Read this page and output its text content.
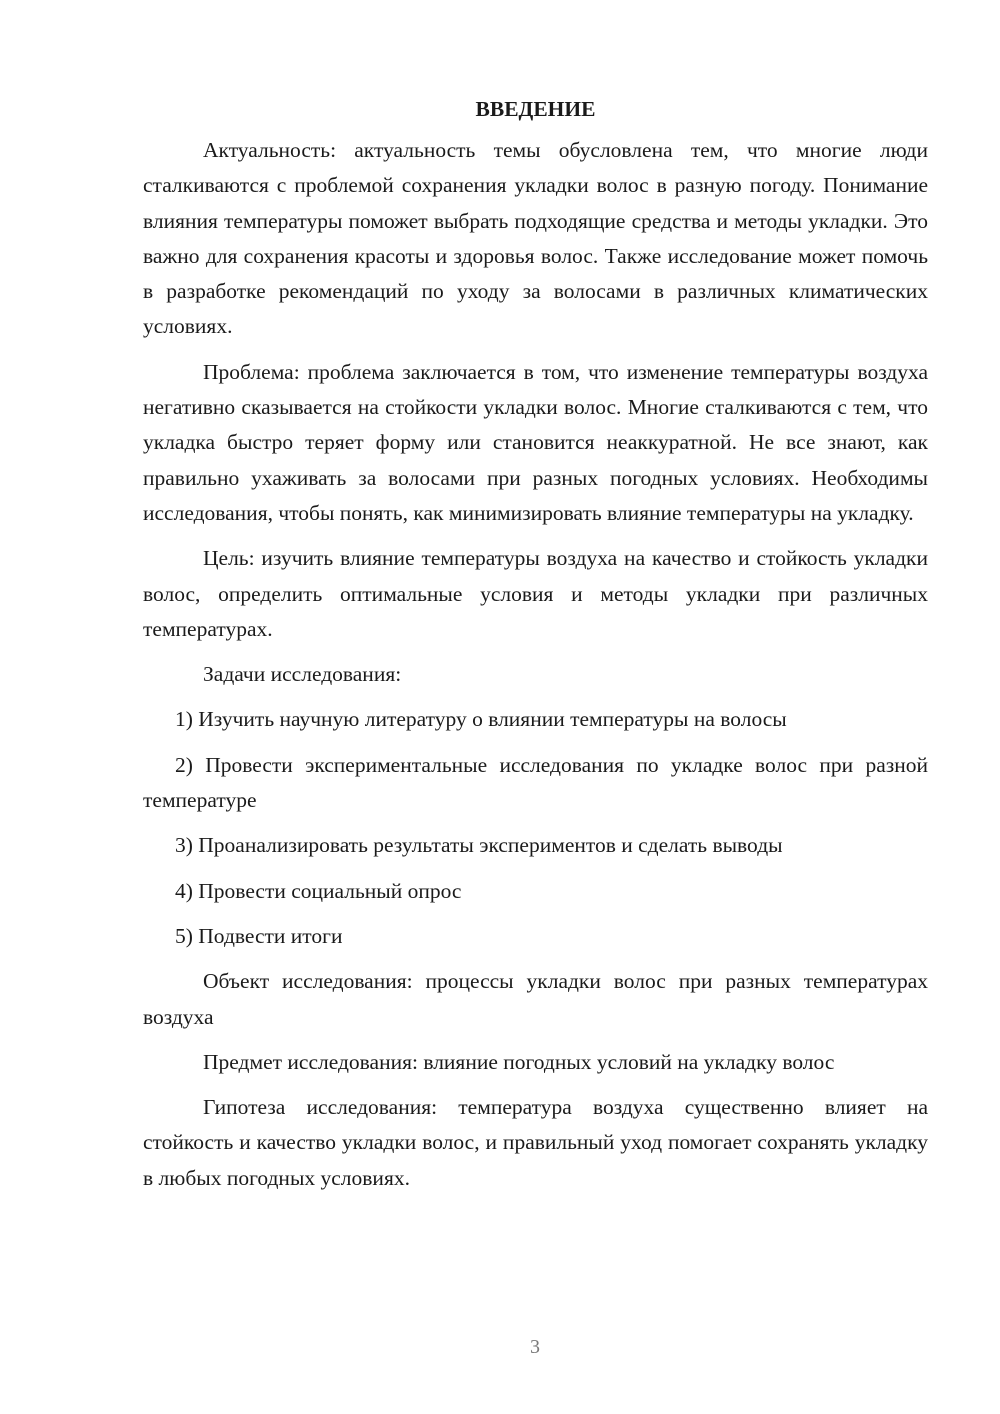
ВВЕДЕНИЕ

Актуальность: актуальность темы обусловлена тем, что многие люди сталкиваются с проблемой сохранения укладки волос в разную погоду. Понимание влияния температуры поможет выбрать подходящие средства и методы укладки. Это важно для сохранения красоты и здоровья волос. Также исследование может помочь в разработке рекомендаций по уходу за волосами в различных климатических условиях.

Проблема: проблема заключается в том, что изменение температуры воздуха негативно сказывается на стойкости укладки волос. Многие сталкиваются с тем, что укладка быстро теряет форму или становится неаккуратной. Не все знают, как правильно ухаживать за волосами при разных погодных условиях. Необходимы исследования, чтобы понять, как минимизировать влияние температуры на укладку.

Цель: изучить влияние температуры воздуха на качество и стойкость укладки волос, определить оптимальные условия и методы укладки при различных температурах.

Задачи исследования:

1) Изучить научную литературу о влиянии температуры на волосы

2) Провести экспериментальные исследования по укладке волос при разной температуре

3) Проанализировать результаты экспериментов и сделать выводы

4) Провести социальный опрос

5) Подвести итоги

Объект исследования: процессы укладки волос при разных температурах воздуха

Предмет исследования: влияние погодных условий на укладку волос

Гипотеза исследования: температура воздуха существенно влияет на стойкость и качество укладки волос, и правильный уход помогает сохранять укладку в любых погодных условиях.

3
